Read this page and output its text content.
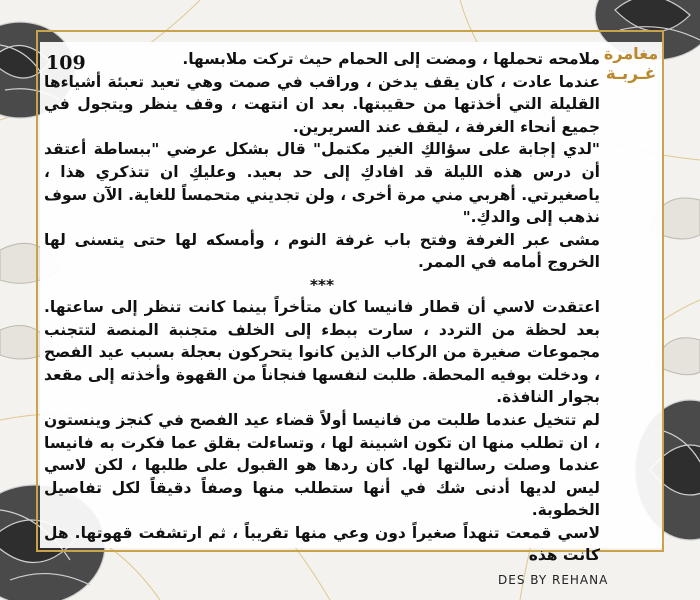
109	مغامرة
غـربـة

ملامحه تحملها ، ومضت إلى الحمام حيث تركت ملابسها.

عندما عادت ، كان يقف يدخن ، وراقب في صمت وهي تعيد تعبئة أشياءها القليلة التي أخذتها من حقيبتها. بعد ان انتهت ، وقف ينظر ويتجول في جميع أنحاء الغرفة ، ليقف عند السريرين.

"لدي إجابة على سؤالكِ الغير مكتمل" قال بشكل عرضي "ببساطة أعتقد أن درس هذه الليلة قد افادكِ إلى حد بعيد. وعليكِ ان تتذكري هذا ، ياصغيرتي. أهربي مني مرة أخرى ، ولن تجديني متحمساً للغاية. الآن سوف نذهب إلى والدكِ."

مشى عبر الغرفة وفتح باب غرفة النوم ، وأمسكه لها حتى يتسنى لها الخروج أمامه في الممر.

***

اعتقدت لاسي أن قطار فانيسا كان متأخراً بينما كانت تنظر إلى ساعتها. بعد لحظة من التردد ، سارت ببطء إلى الخلف متجنبة المنصة لتتجنب مجموعات صغيرة من الركاب الذين كانوا يتحركون بعجلة بسبب عيد الفصح ، ودخلت بوفيه المحطة. طلبت لنفسها فنجاناً من القهوة وأخذته إلى مقعد بجوار النافذة.

لم تتخيل عندما طلبت من فانيسا أولاً قضاء عيد الفصح في كنجز وينستون ، ان تطلب منها ان تكون اشبينة لها ، وتساءلت بقلق عما فكرت به فانيسا عندما وصلت رسالتها لها. كان ردها هو القبول على طلبها ، لكن لاسي ليس لديها أدنى شك في أنها ستطلب منها وصفاً دقيقاً لكل تفاصيل الخطوبة.

لاسي قمعت تنهداً صغيراً دون وعي منها تقريباً ، ثم ارتشفت قهوتها. هل كانت هذه

DES BY REHANA
